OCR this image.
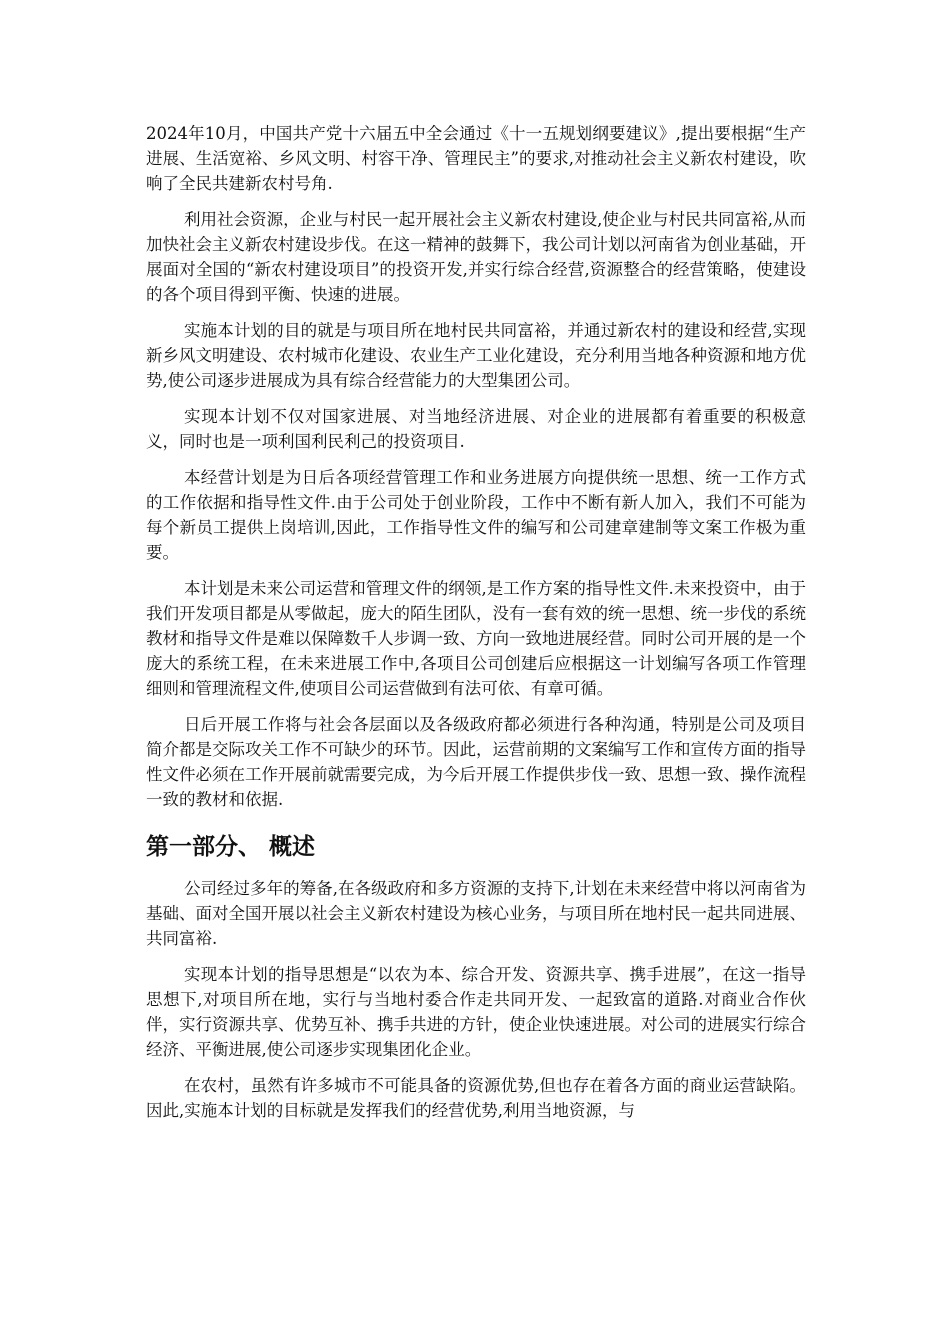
2024年10月，中国共产党十六届五中全会通过《十一五规划纲要建议》,提出要根据“生产进展、生活宽裕、乡风文明、村容干净、管理民主”的要求,对推动社会主义新农村建设，吹响了全民共建新农村号角.

利用社会资源，企业与村民一起开展社会主义新农村建设,使企业与村民共同富裕,从而加快社会主义新农村建设步伐。在这一精神的鼓舞下，我公司计划以河南省为创业基础，开展面对全国的“新农村建设项目”的投资开发,并实行综合经营,资源整合的经营策略，使建设的各个项目得到平衡、快速的进展。

实施本计划的目的就是与项目所在地村民共同富裕，并通过新农村的建设和经营,实现新乡风文明建设、农村城市化建设、农业生产工业化建设，充分利用当地各种资源和地方优势,使公司逐步进展成为具有综合经营能力的大型集团公司。

实现本计划不仅对国家进展、对当地经济进展、对企业的进展都有着重要的积极意义，同时也是一项利国利民利己的投资项目.

本经营计划是为日后各项经营管理工作和业务进展方向提供统一思想、统一工作方式的工作依据和指导性文件.由于公司处于创业阶段，工作中不断有新人加入，我们不可能为每个新员工提供上岗培训,因此，工作指导性文件的编写和公司建章建制等文案工作极为重要。

本计划是未来公司运营和管理文件的纲领,是工作方案的指导性文件.未来投资中，由于我们开发项目都是从零做起，庞大的陌生团队，没有一套有效的统一思想、统一步伐的系统教材和指导文件是难以保障数千人步调一致、方向一致地进展经营。同时公司开展的是一个庞大的系统工程，在未来进展工作中,各项目公司创建后应根据这一计划编写各项工作管理细则和管理流程文件,使项目公司运营做到有法可依、有章可循。

日后开展工作将与社会各层面以及各级政府都必须进行各种沟通，特别是公司及项目简介都是交际攻关工作不可缺少的环节。因此，运营前期的文案编写工作和宣传方面的指导性文件必须在工作开展前就需要完成，为今后开展工作提供步伐一致、思想一致、操作流程一致的教材和依据.

第一部分、 概述

公司经过多年的筹备,在各级政府和多方资源的支持下,计划在未来经营中将以河南省为基础、面对全国开展以社会主义新农村建设为核心业务，与项目所在地村民一起共同进展、共同富裕.

实现本计划的指导思想是“以农为本、综合开发、资源共享、携手进展”，在这一指导思想下,对项目所在地，实行与当地村委合作走共同开发、一起致富的道路.对商业合作伙伴，实行资源共享、优势互补、携手共进的方针，使企业快速进展。对公司的进展实行综合经济、平衡进展,使公司逐步实现集团化企业。

在农村，虽然有许多城市不可能具备的资源优势,但也存在着各方面的商业运营缺陷。因此,实施本计划的目标就是发挥我们的经营优势,利用当地资源，与
